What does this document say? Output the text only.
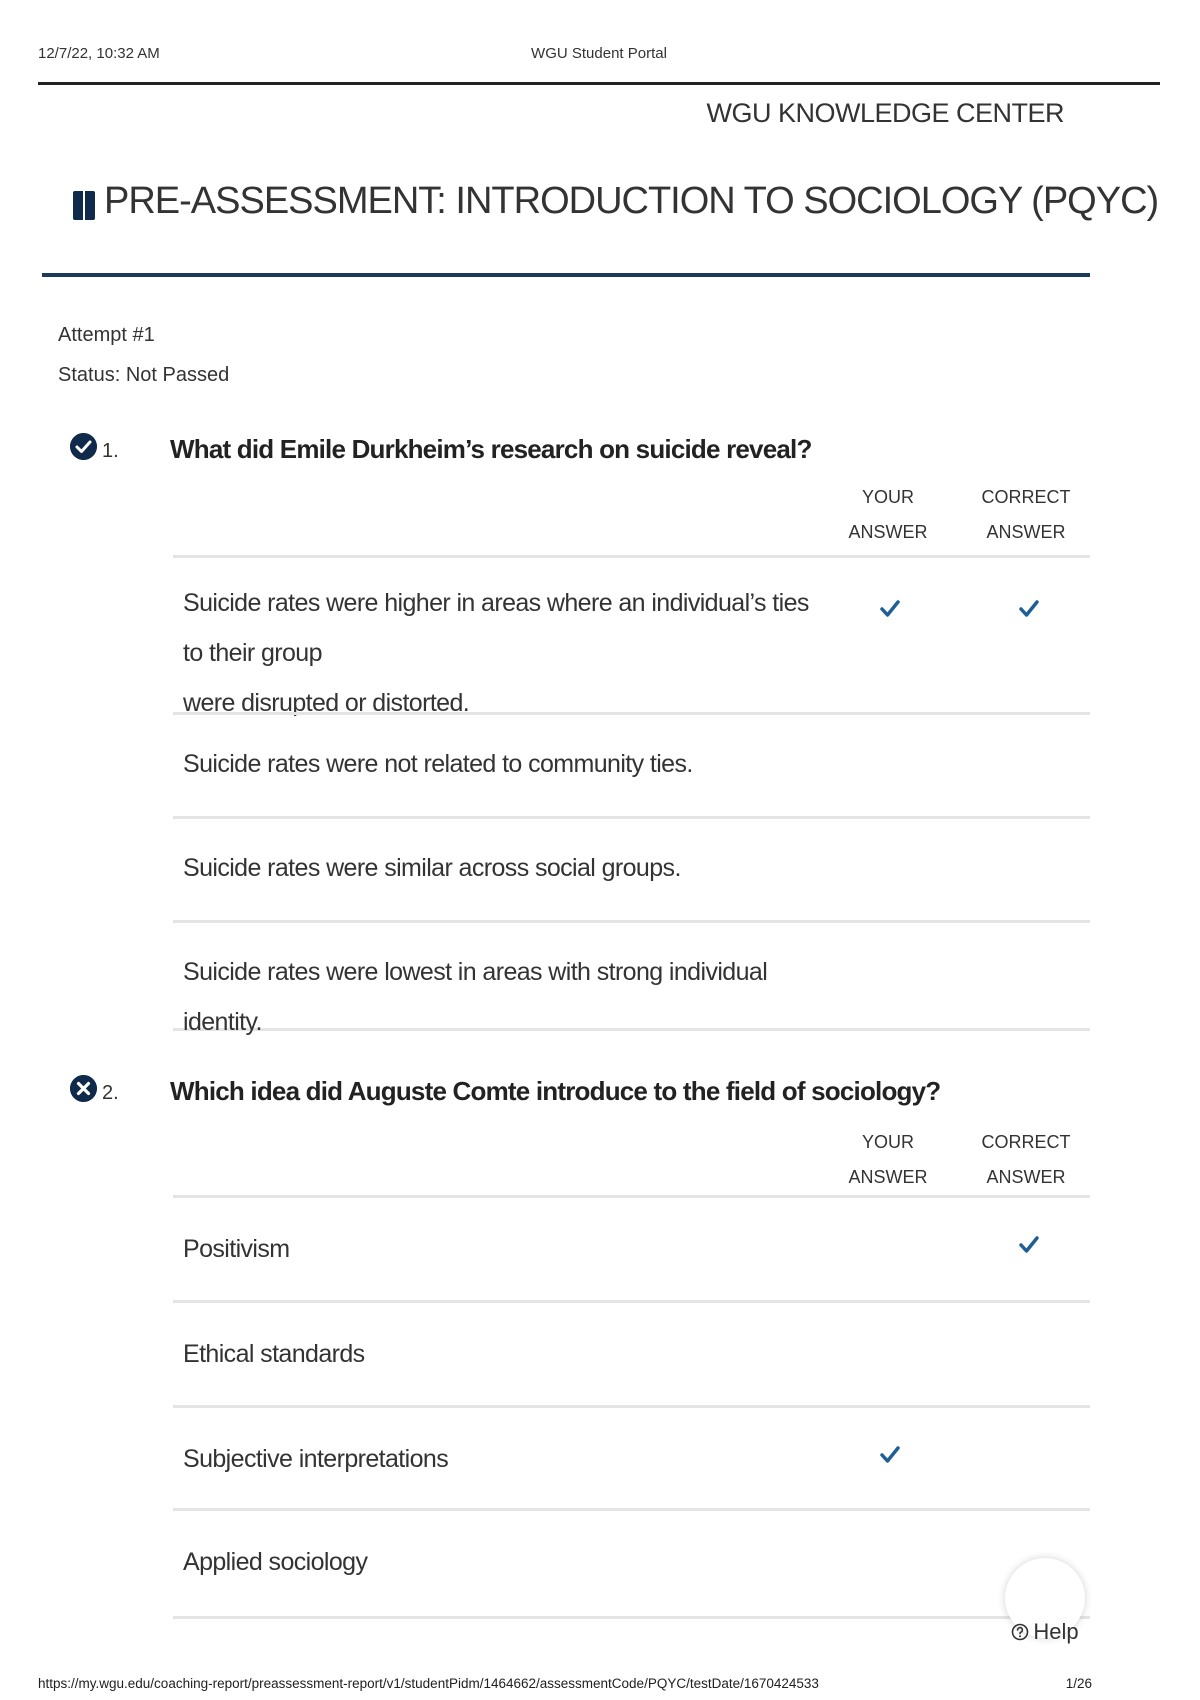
12/7/22, 10:32 AM	WGU Student Portal
WGU KNOWLEDGE CENTER
PRE-ASSESSMENT: INTRODUCTION TO SOCIOLOGY (PQYC)
Attempt #1
Status: Not Passed
1. What did Emile Durkheim’s research on suicide reveal?
YOUR
ANSWER
CORRECT
ANSWER
Suicide rates were higher in areas where an individual’s ties to their group
were disrupted or distorted.
Suicide rates were not related to community ties.
Suicide rates were similar across social groups.
Suicide rates were lowest in areas with strong individual identity.
2. Which idea did Auguste Comte introduce to the field of sociology?
YOUR
ANSWER
CORRECT
ANSWER
Positivism
Ethical standards
Subjective interpretations
Applied sociology
Help
https://my.wgu.edu/coaching-report/preassessment-report/v1/studentPidm/1464662/assessmentCode/PQYC/testDate/1670424533	1/26
